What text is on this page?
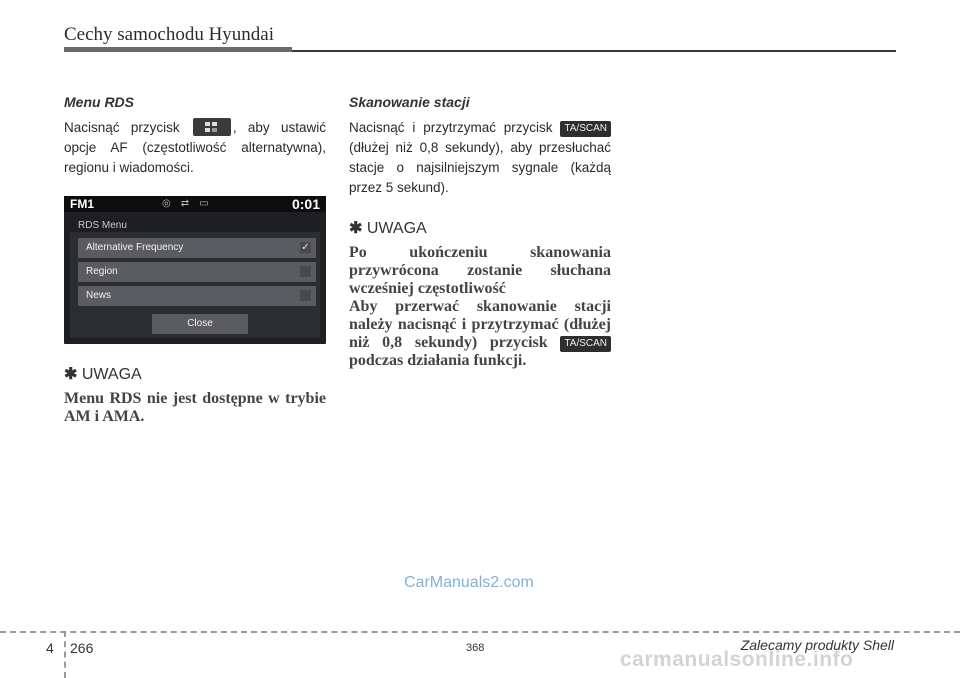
Cechy samochodu Hyundai

Menu RDS

Nacisnąć przycisk	, aby ustawić opcje AF (częstotliwość alternatywna), regionu i wiadomości.

FM1	◎⇄▭	0:01
RDS Menu
Alternative Frequency	✓
Region
News
Close
✱ UWAGA

Menu RDS nie jest dostępne w trybie AM i AMA.

Skanowanie stacji

Nacisnąć i przytrzymać przycisk TA/SCAN (dłużej niż 0,8 sekundy), aby przesłuchać stacje o najsilniejszym sygnale (każdą przez 5 sekund).

✱ UWAGA

Po ukończeniu skanowania przywrócona zostanie słuchana wcześniej częstotliwość

Aby przerwać skanowanie stacji należy nacisnąć i przytrzymać (dłużej niż 0,8 sekundy) przycisk TA/SCAN podczas działania funkcji.

CarManuals2.com
4 266	368	Zalecamy produkty Shell
carmanualsonline.info
